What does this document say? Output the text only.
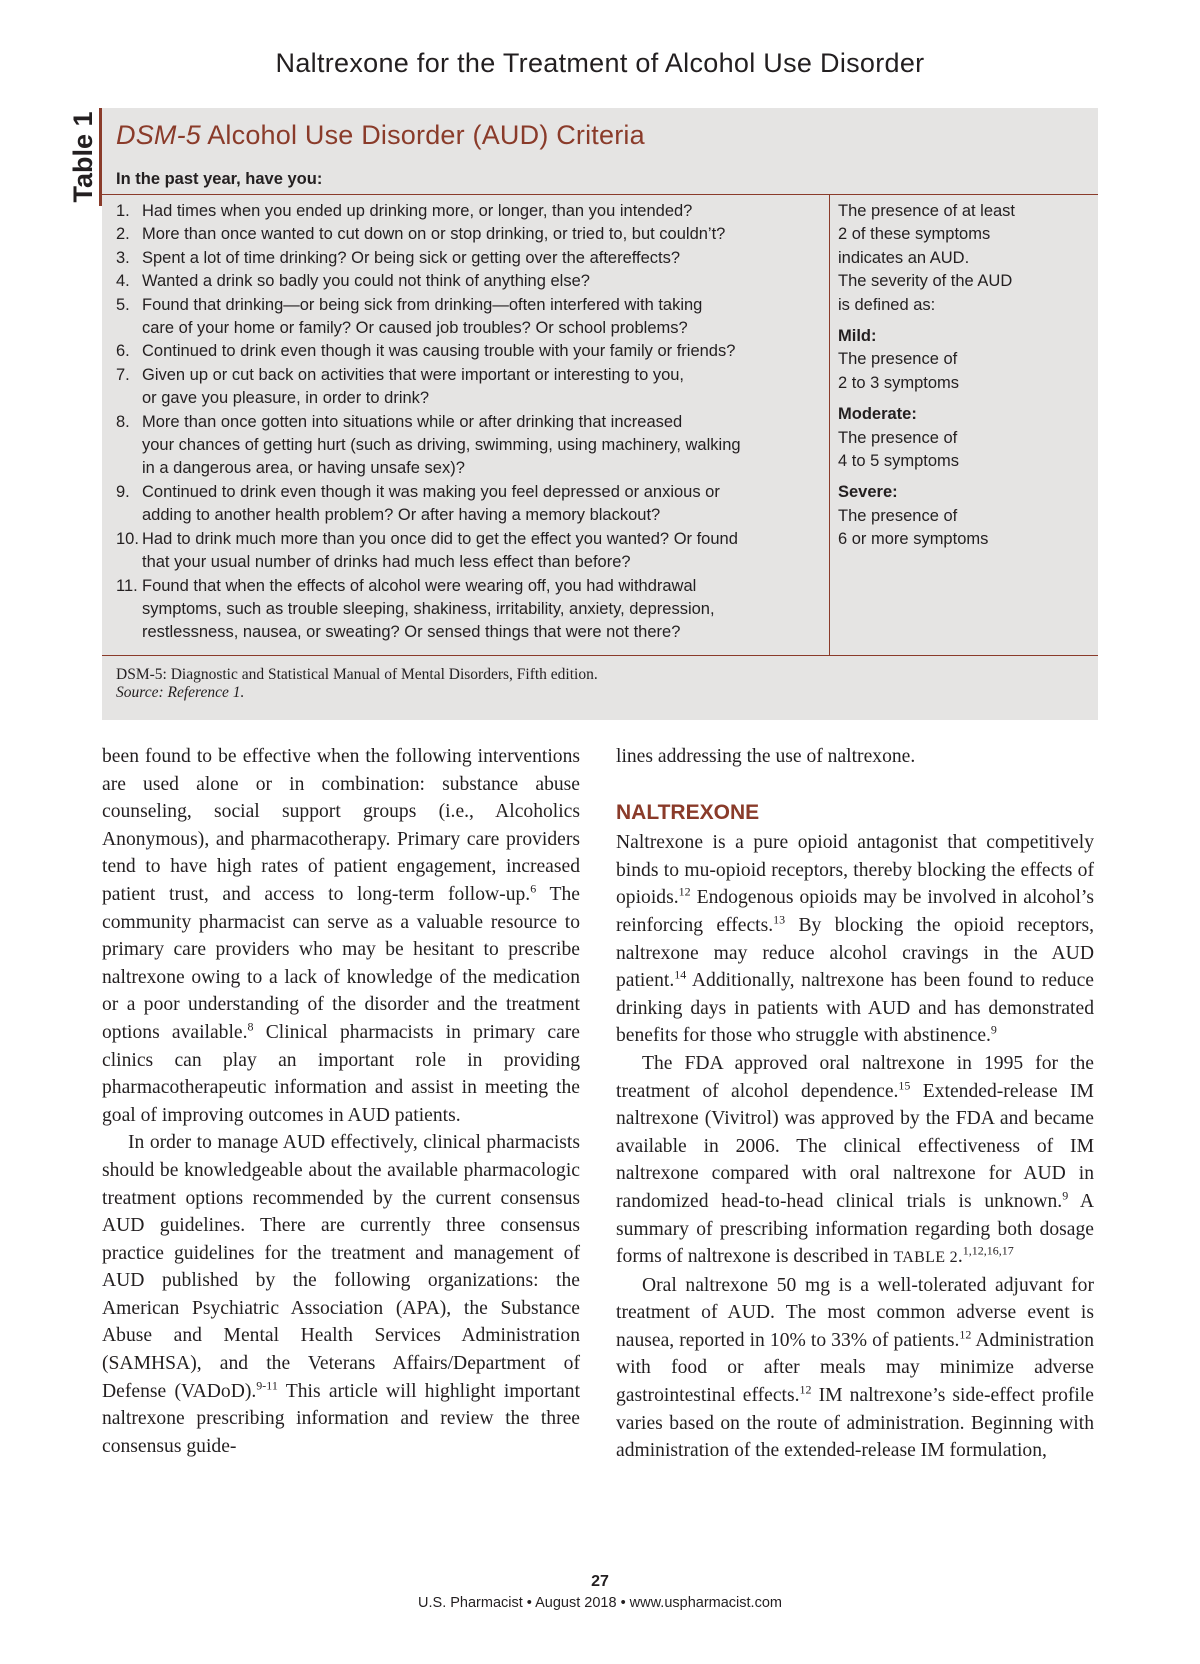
Naltrexone for the Treatment of Alcohol Use Disorder
Table 1 DSM-5 Alcohol Use Disorder (AUD) Criteria
In the past year, have you:
1. Had times when you ended up drinking more, or longer, than you intended?
2. More than once wanted to cut down on or stop drinking, or tried to, but couldn’t?
3. Spent a lot of time drinking? Or being sick or getting over the aftereffects?
4. Wanted a drink so badly you could not think of anything else?
5. Found that drinking—or being sick from drinking—often interfered with taking
care of your home or family? Or caused job troubles? Or school problems?
6. Continued to drink even though it was causing trouble with your family or friends?
7. Given up or cut back on activities that were important or interesting to you,
or gave you pleasure, in order to drink?
8. More than once gotten into situations while or after drinking that increased
your chances of getting hurt (such as driving, swimming, using machinery, walking
in a dangerous area, or having unsafe sex)?
9. Continued to drink even though it was making you feel depressed or anxious or
adding to another health problem? Or after having a memory blackout?
10. Had to drink much more than you once did to get the effect you wanted? Or found
that your usual number of drinks had much less effect than before?
11. Found that when the effects of alcohol were wearing off, you had withdrawal
symptoms, such as trouble sleeping, shakiness, irritability, anxiety, depression,
restlessness, nausea, or sweating? Or sensed things that were not there?
The presence of at least
2 of these symptoms
indicates an AUD.
The severity of the AUD
is defined as:
Mild:
The presence of
2 to 3 symptoms
Moderate:
The presence of
4 to 5 symptoms
Severe:
The presence of
6 or more symptoms
DSM-5: Diagnostic and Statistical Manual of Mental Disorders, Fifth edition.
Source: Reference 1.

been found to be effective when the following interventions are used alone or in combination: substance abuse counseling, social support groups (i.e., Alcoholics Anonymous), and pharmacotherapy. Primary care providers tend to have high rates of patient engagement, increased patient trust, and access to long-term follow-up.$^6$ The community pharmacist can serve as a valuable resource to primary care providers who may be hesitant to prescribe naltrexone owing to a lack of knowledge of the medication or a poor understanding of the disorder and the treatment options available.$^8$ Clinical pharmacists in primary care clinics can play an important role in providing pharmacotherapeutic information and assist in meeting the goal of improving outcomes in AUD patients.

In order to manage AUD effectively, clinical pharmacists should be knowledgeable about the available pharmacologic treatment options recommended by the current consensus AUD guidelines. There are currently three consensus practice guidelines for the treatment and management of AUD published by the following organizations: the American Psychiatric Association (APA), the Substance Abuse and Mental Health Services Administration (SAMHSA), and the Veterans Affairs/Department of Defense (VADoD).$^{9-11}$ This article will highlight important naltrexone prescribing information and review the three consensus guide-

lines addressing the use of naltrexone.

NALTREXONE

Naltrexone is a pure opioid antagonist that competitively binds to mu-opioid receptors, thereby blocking the effects of opioids.$^{12}$ Endogenous opioids may be involved in alcohol’s reinforcing effects.$^{13}$ By blocking the opioid receptors, naltrexone may reduce alcohol cravings in the AUD patient.$^{14}$ Additionally, naltrexone has been found to reduce drinking days in patients with AUD and has demonstrated benefits for those who struggle with abstinence.$^9$

The FDA approved oral naltrexone in 1995 for the treatment of alcohol dependence.$^{15}$ Extended-release IM naltrexone (Vivitrol) was approved by the FDA and became available in 2006. The clinical effectiveness of IM naltrexone compared with oral naltrexone for AUD in randomized head-to-head clinical trials is unknown.$^9$ A summary of prescribing information regarding both dosage forms of naltrexone is described in TABLE 2.$^{1,12,16,17}$

Oral naltrexone 50 mg is a well-tolerated adjuvant for treatment of AUD. The most common adverse event is nausea, reported in 10% to 33% of patients.$^{12}$ Administration with food or after meals may minimize adverse gastrointestinal effects.$^{12}$ IM naltrexone’s side-effect profile varies based on the route of administration. Beginning with administration of the extended-release IM formulation,

27
U.S. Pharmacist • August 2018 • www.uspharmacist.com
